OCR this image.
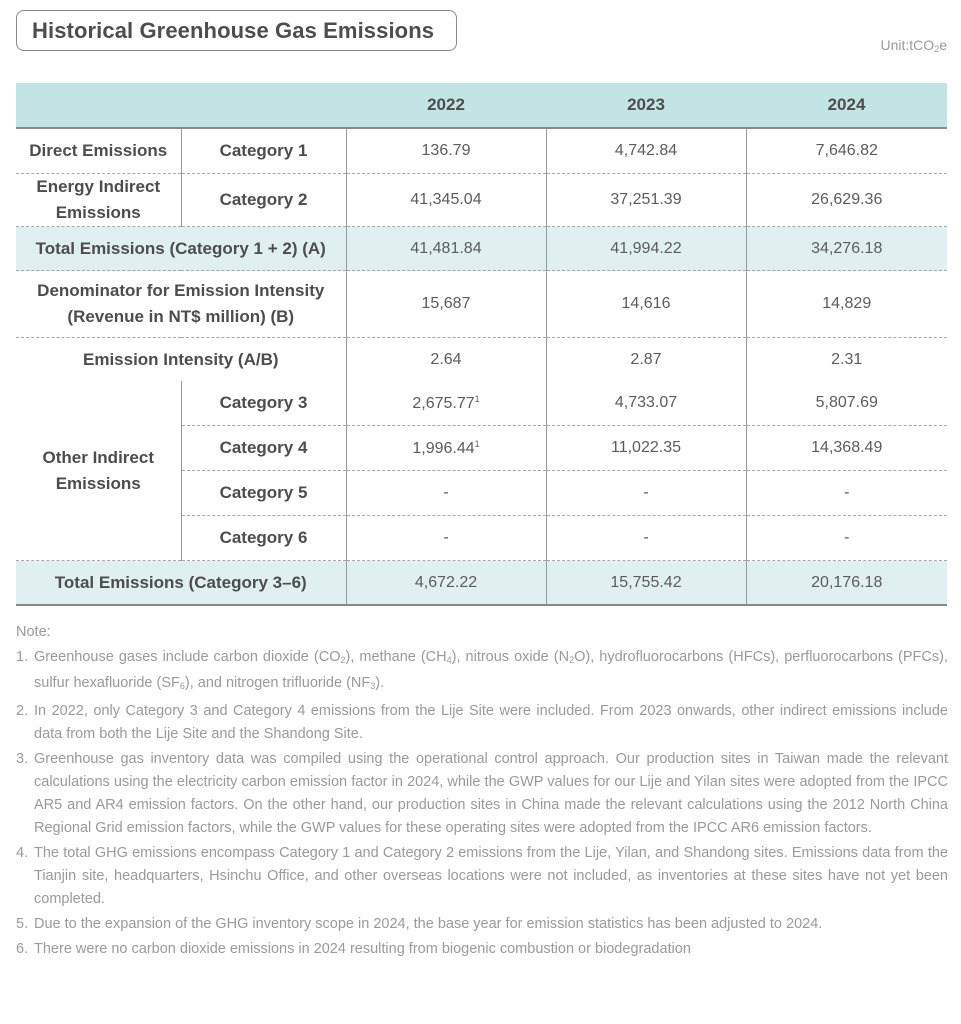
Historical Greenhouse Gas Emissions
Unit:tCO$_2$e
		2022	2023	2024
Direct Emissions	Category 1	136.79	4,742.84	7,646.82
Energy Indirect Emissions	Category 2	41,345.04	37,251.39	26,629.36
Total Emissions (Category 1 + 2) (A)		41,481.84	41,994.22	34,276.18

Denominator for Emission Intensity
(Revenue in NT$ million) (B)		15,687	14,616	14,829
Emission Intensity (A/B)		2.64	2.87	2.31
Other Indirect Emissions	Category 3	2,675.77$^1$	4,733.07	5,807.69
	Category 4	1,996.44$^1$	11,022.35	14,368.49
	Category 5	-	-	-
	Category 6	-	-	-
Total Emissions (Category 3–6)		4,672.22	15,755.42	20,176.18
Note:
1. Greenhouse gases include carbon dioxide $(CO_2)$, methane $(CH_4)$, nitrous oxide $(N_2O)$, hydrofluorocarbons (HFCs), perfluorocarbons (PFCs), sulfur hexafluoride $(SF_6)$, and nitrogen trifluoride $(NF_3)$.
2. In 2022, only Category 3 and Category 4 emissions from the Lije Site were included. From 2023 onwards, other indirect emissions include data from both the Lije Site and the Shandong Site.
3. Greenhouse gas inventory data was compiled using the operational control approach. Our production sites in Taiwan made the relevant calculations using the electricity carbon emission factor in 2024, while the GWP values for our Lije and Yilan sites were adopted from the IPCC AR5 and AR4 emission factors. On the other hand, our production sites in China made the relevant calculations using the 2012 North China Regional Grid emission factors, while the GWP values for these operating sites were adopted from the IPCC AR6 emission factors.
4. The total GHG emissions encompass Category 1 and Category 2 emissions from the Lije, Yilan, and Shandong sites. Emissions data from the Tianjin site, headquarters, Hsinchu Office, and other overseas locations were not included, as inventories at these sites have not yet been completed.
5. Due to the expansion of the GHG inventory scope in 2024, the base year for emission statistics has been adjusted to 2024.
6. There were no carbon dioxide emissions in 2024 resulting from biogenic combustion or biodegradation
